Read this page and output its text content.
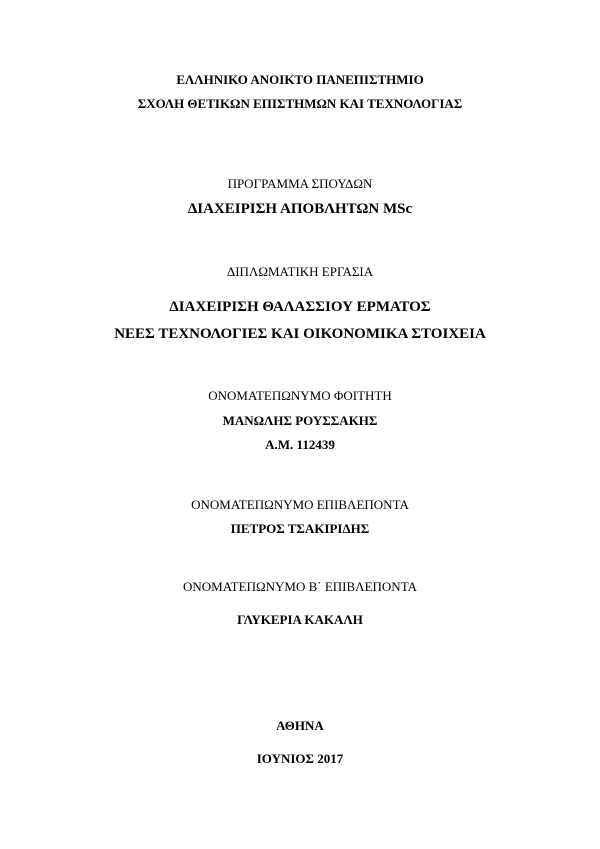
ΕΛΛΗΝΙΚΟ ΑΝΟΙΚΤΟ ΠΑΝΕΠΙΣΤΗΜΙΟ
ΣΧΟΛΗ ΘΕΤΙΚΩΝ ΕΠΙΣΤΗΜΩΝ ΚΑΙ ΤΕΧΝΟΛΟΓΙΑΣ
ΠΡΟΓΡΑΜΜΑ ΣΠΟΥΔΩΝ
ΔΙΑΧΕΙΡΙΣΗ ΑΠΟΒΛΗΤΩΝ MSc
ΔΙΠΛΩΜΑΤΙΚΗ ΕΡΓΑΣΙΑ
ΔΙΑΧΕΙΡΙΣΗ ΘΑΛΑΣΣΙΟΥ ΕΡΜΑΤΟΣ
ΝΕΕΣ ΤΕΧΝΟΛΟΓΙΕΣ ΚΑΙ ΟΙΚΟΝΟΜΙΚΑ ΣΤΟΙΧΕΙΑ
ΟΝΟΜΑΤΕΠΩΝΥΜΟ ΦΟΙΤΗΤΗ
ΜΑΝΩΛΗΣ ΡΟΥΣΣΑΚΗΣ
Α.Μ. 112439
ΟΝΟΜΑΤΕΠΩΝΥΜΟ ΕΠΙΒΛΕΠΟΝΤΑ
ΠΕΤΡΟΣ ΤΣΑΚΙΡΙΔΗΣ
ΟΝΟΜΑΤΕΠΩΝΥΜΟ Β΄ ΕΠΙΒΛΕΠΟΝΤΑ
ΓΛΥΚΕΡΙΑ ΚΑΚΑΛΗ
ΑΘΗΝΑ
ΙΟΥΝΙΟΣ 2017
